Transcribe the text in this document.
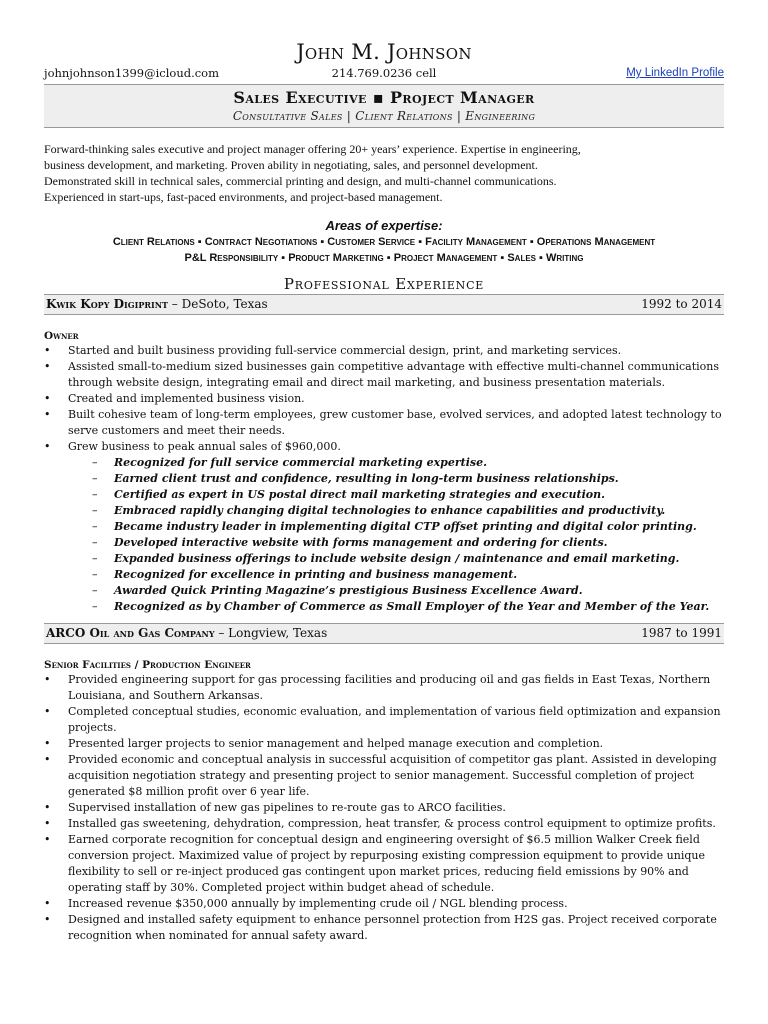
John M. Johnson
johnjohnson1399@icloud.com	214.769.0236 cell	My LinkedIn Profile
Sales Executive ▪ Project Manager
Consultative Sales | Client Relations | Engineering
Forward-thinking sales executive and project manager offering 20+ years’ experience. Expertise in engineering,
business development, and marketing. Proven ability in negotiating, sales, and personnel development.
Demonstrated skill in technical sales, commercial printing and design, and multi-channel communications.
Experienced in start-ups, fast-paced environments, and project-based management.
Areas of expertise:
Client Relations ▪ Contract Negotiations ▪ Customer Service ▪ Facility Management ▪ Operations Management
P&L Responsibility ▪ Product Marketing ▪ Project Management ▪ Sales ▪ Writing
Professional Experience
Kwik Kopy Digiprint – DeSoto, Texas	1992 to 2014
Owner
• Started and built business providing full-service commercial design, print, and marketing services.
• Assisted small-to-medium sized businesses gain competitive advantage with effective multi-channel communications through website design, integrating email and direct mail marketing, and business presentation materials.
• Created and implemented business vision.
• Built cohesive team of long-term employees, grew customer base, evolved services, and adopted latest technology to serve customers and meet their needs.
• Grew business to peak annual sales of $960,000.
– Recognized for full service commercial marketing expertise.
– Earned client trust and confidence, resulting in long-term business relationships.
– Certified as expert in US postal direct mail marketing strategies and execution.
– Embraced rapidly changing digital technologies to enhance capabilities and productivity.
– Became industry leader in implementing digital CTP offset printing and digital color printing.
– Developed interactive website with forms management and ordering for clients.
– Expanded business offerings to include website design / maintenance and email marketing.
– Recognized for excellence in printing and business management.
– Awarded Quick Printing Magazine’s prestigious Business Excellence Award.
– Recognized as by Chamber of Commerce as Small Employer of the Year and Member of the Year.
ARCO Oil and Gas Company – Longview, Texas	1987 to 1991
Senior Facilities / Production Engineer
• Provided engineering support for gas processing facilities and producing oil and gas fields in East Texas, Northern Louisiana, and Southern Arkansas.
• Completed conceptual studies, economic evaluation, and implementation of various field optimization and expansion projects.
• Presented larger projects to senior management and helped manage execution and completion.
• Provided economic and conceptual analysis in successful acquisition of competitor gas plant. Assisted in developing acquisition negotiation strategy and presenting project to senior management. Successful completion of project generated $8 million profit over 6 year life.
• Supervised installation of new gas pipelines to re-route gas to ARCO facilities.
• Installed gas sweetening, dehydration, compression, heat transfer, & process control equipment to optimize profits.
• Earned corporate recognition for conceptual design and engineering oversight of $6.5 million Walker Creek field conversion project. Maximized value of project by repurposing existing compression equipment to provide unique flexibility to sell or re-inject produced gas contingent upon market prices, reducing field emissions by 90% and operating staff by 30%. Completed project within budget ahead of schedule.
• Increased revenue $350,000 annually by implementing crude oil / NGL blending process.
• Designed and installed safety equipment to enhance personnel protection from H2S gas. Project received corporate recognition when nominated for annual safety award.
